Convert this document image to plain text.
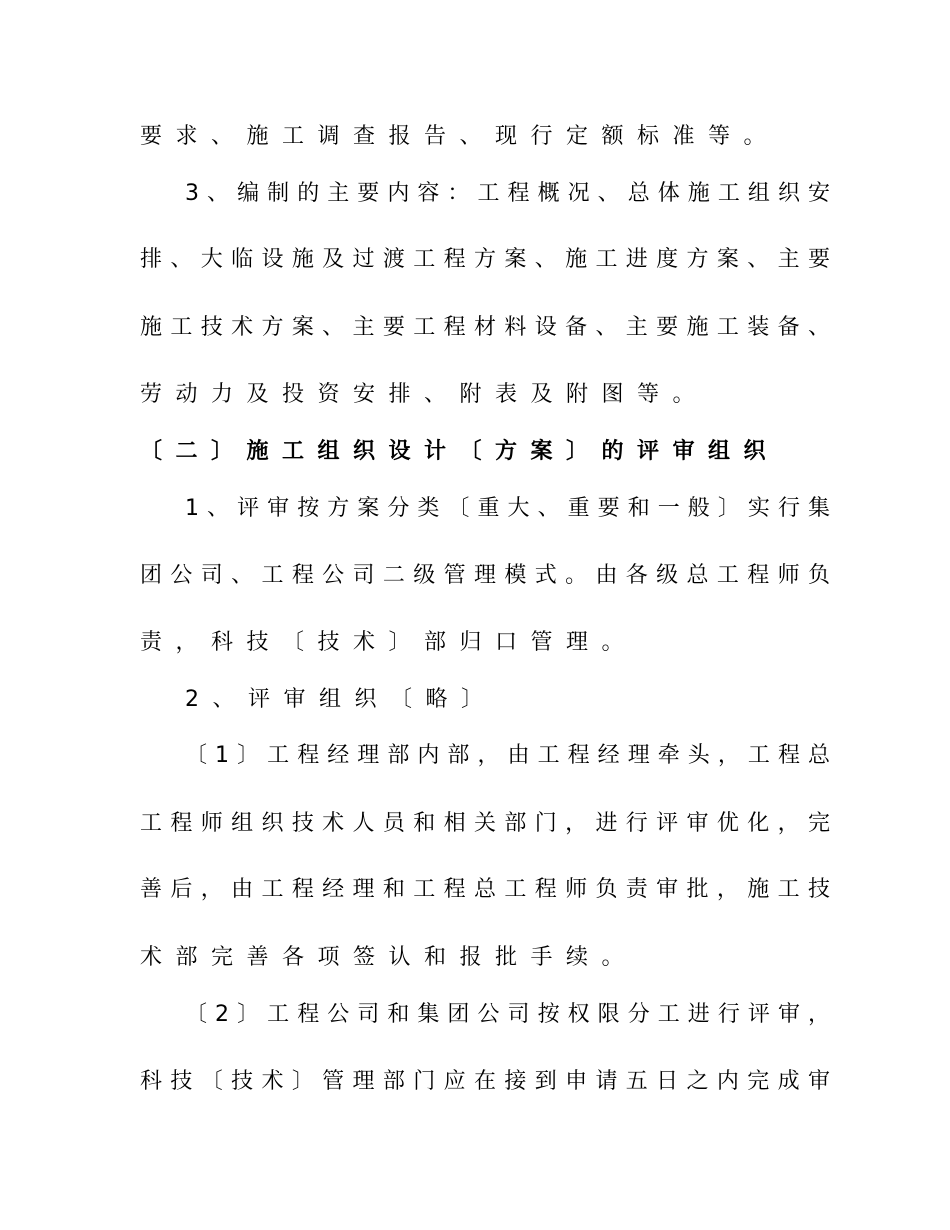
要求、施工调查报告、现行定额标准等。
3、编制的主要内容：工程概况、总体施工组织安
排、大临设施及过渡工程方案、施工进度方案、主要
施工技术方案、主要工程材料设备、主要施工装备、
劳动力及投资安排、附表及附图等。
〔二〕施工组织设计〔方案〕的评审组织
1、评审按方案分类〔重大、重要和一般〕实行集
团公司、工程公司二级管理模式。由各级总工程师负
责，科技〔技术〕部归口管理。
2、评审组织〔略〕
〔1〕工程经理部内部，由工程经理牵头，工程总
工程师组织技术人员和相关部门，进行评审优化，完
善后，由工程经理和工程总工程师负责审批，施工技
术部完善各项签认和报批手续。
〔2〕工程公司和集团公司按权限分工进行评审，
科技〔技术〕管理部门应在接到申请五日之内完成审
